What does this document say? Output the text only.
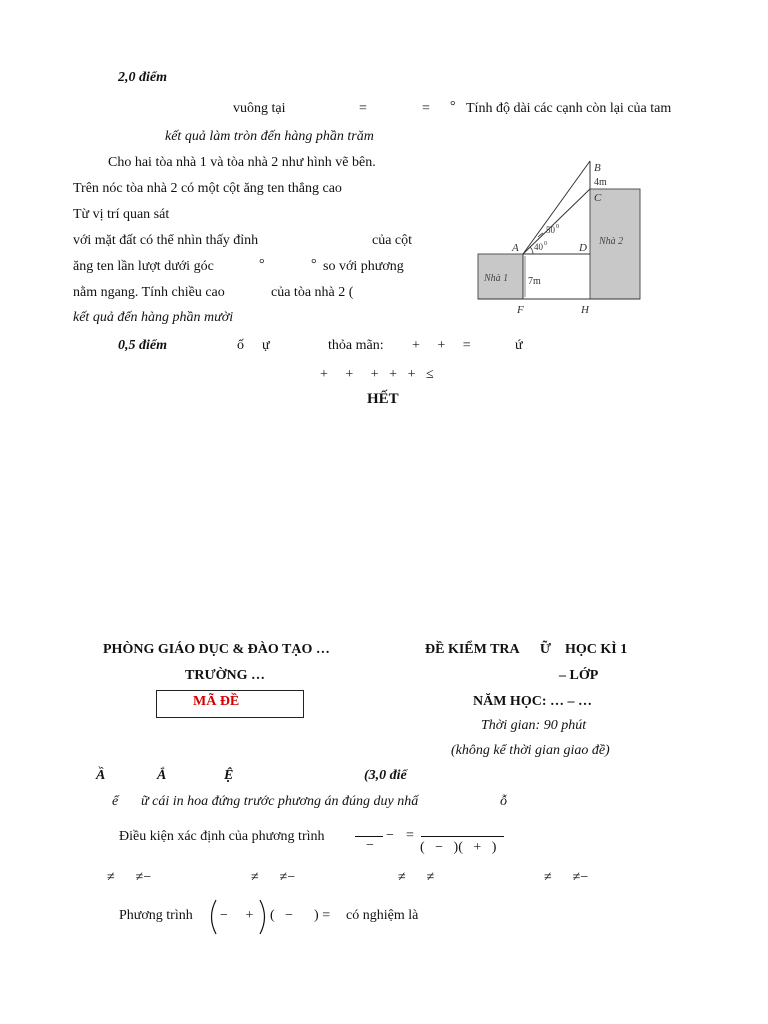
2,0 điểm
vuông tại	=	= ° Tính độ dài các cạnh còn lại của tam
kết quả làm tròn đến hàng phần trăm
Cho hai tòa nhà 1 và tòa nhà 2 như hình vẽ bên.
Trên nóc tòa nhà 2 có một cột ăng ten thẳng cao
Từ vị trí quan sát
với mặt đất có thể nhìn thấy đỉnh	của cột
ăng ten lần lượt dưới góc	°	° so với phương
nằm ngang. Tính chiều cao	của tòa nhà 2 (
kết quả đến hàng phần mười
B
4m
C
50 0
40 0
A	D
Nhà 2
Nhà 1 7m
F	H
0,5 điểm	ố ự	thỏa mãn: +     +     =	ứ
+     +     +   +   +   ≤
HẾT
PHÒNG GIÁO DỤC & ĐÀO TẠO …
TRƯỜNG …
MÃ ĐỀ
ĐỀ KIỂM TRA      Ữ    HỌC KÌ 1
– LỚP
NĂM HỌC: … – …
Thời gian: 90 phút
(không kể thời gian giao đề)
Ầ	Ắ	Ệ	(3,0 điể
ể ữ cái in hoa đứng trước phương án đúng duy nhấ	ỗ
Điều kiện xác định của phương trình
−
− =
(   −   )(   +   )
≠      ≠−	≠      ≠−	≠      ≠	≠      ≠−
Phương trình −     + (   −      ) = có nghiệm là
